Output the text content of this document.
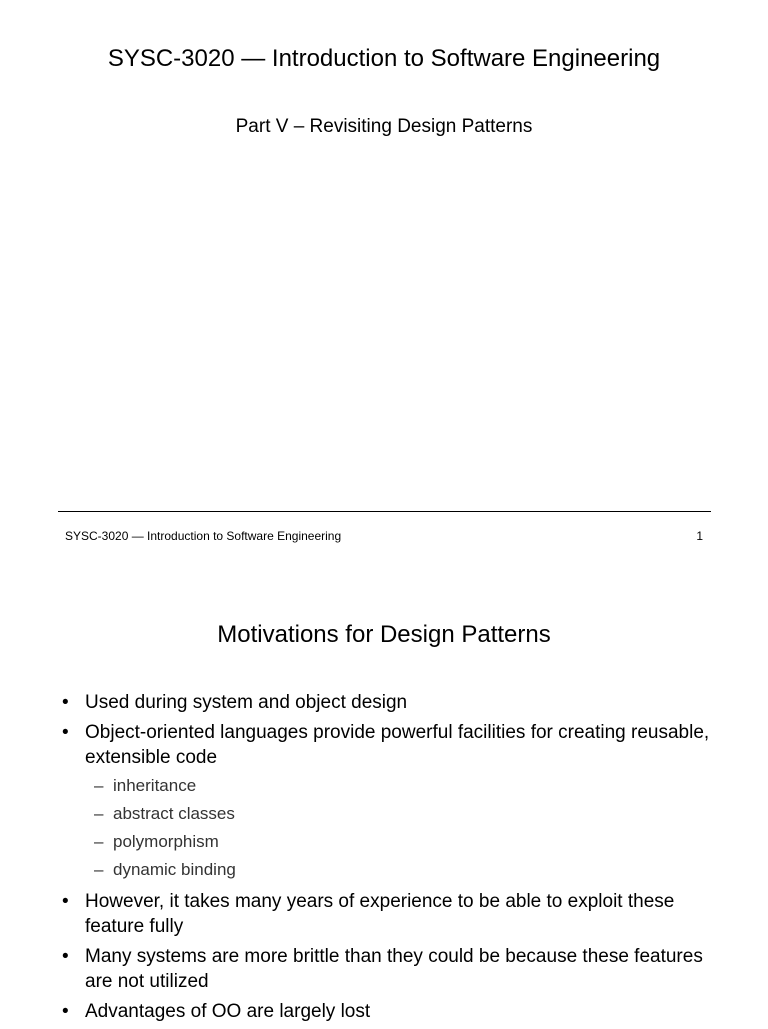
SYSC-3020 — Introduction to Software Engineering
Part V – Revisiting Design Patterns
SYSC-3020 — Introduction to Software Engineering	1
Motivations for Design Patterns
• Used during system and object design
• Object-oriented languages provide powerful facilities for creating reusable, extensible code
– inheritance
– abstract classes
– polymorphism
– dynamic binding
• However, it takes many years of experience to be able to exploit these feature fully
• Many systems are more brittle than they could be because these features are not utilized
• Advantages of OO are largely lost
